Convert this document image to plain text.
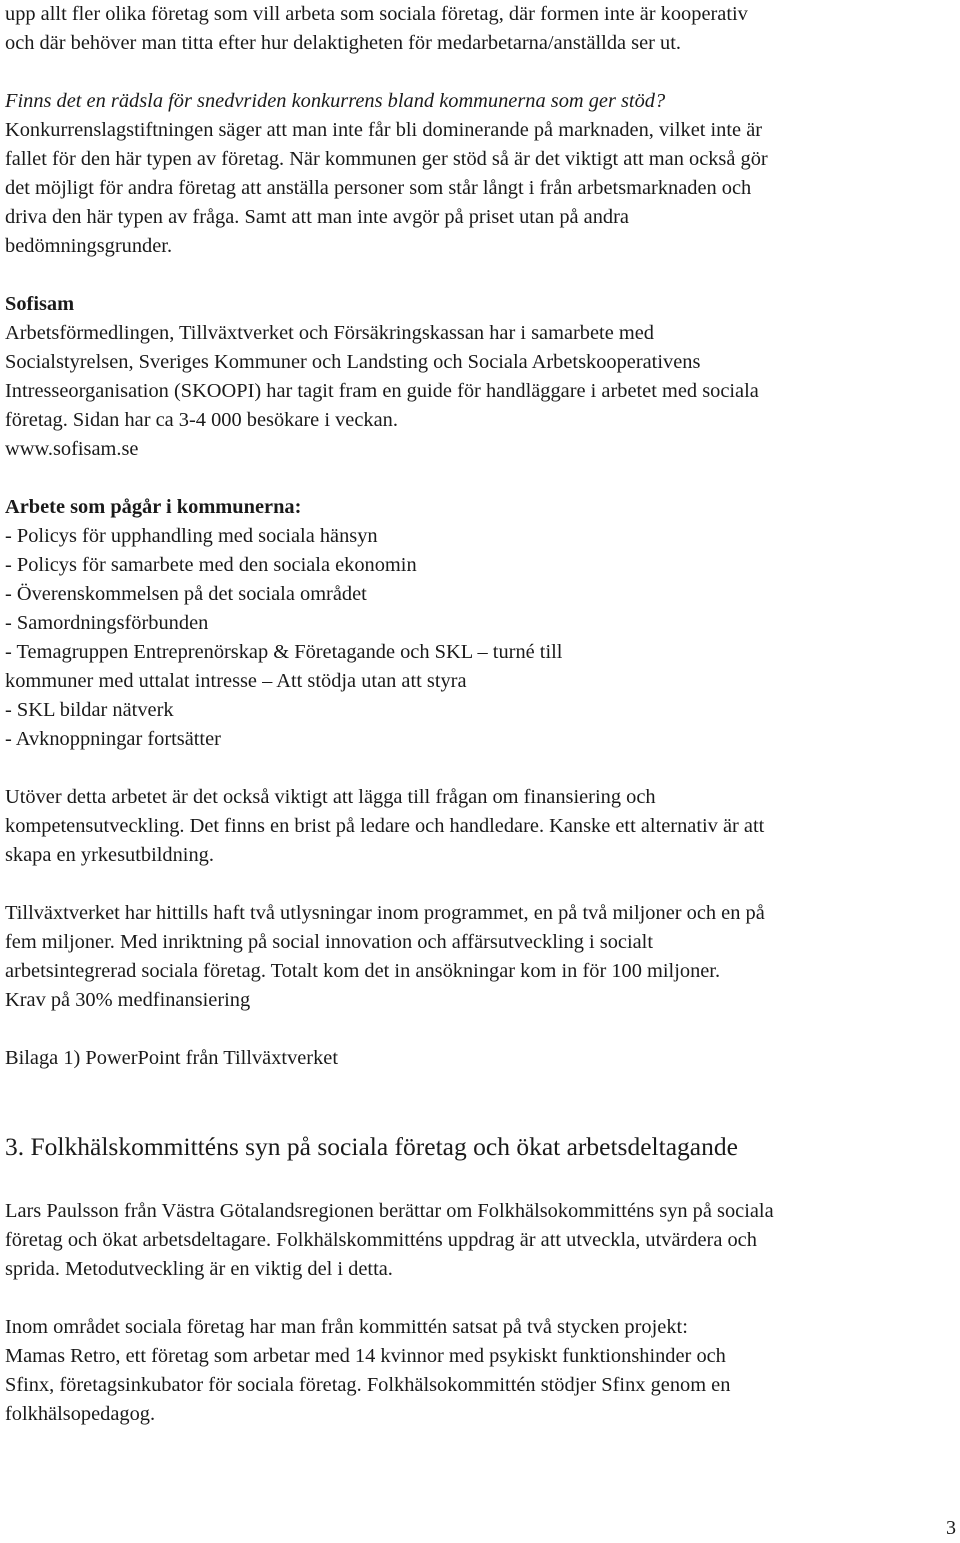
upp allt fler olika företag som vill arbeta som sociala företag, där formen inte är kooperativ
och där behöver man titta efter hur delaktigheten för medarbetarna/anställda ser ut.

Finns det en rädsla för snedvriden konkurrens bland kommunerna som ger stöd?
Konkurrenslagstiftningen säger att man inte får bli dominerande på marknaden, vilket inte är
fallet för den här typen av företag. När kommunen ger stöd så är det viktigt att man också gör
det möjligt för andra företag att anställa personer som står långt i från arbetsmarknaden och
driva den här typen av fråga. Samt att man inte avgör på priset utan på andra
bedömningsgrunder.

Sofisam
Arbetsförmedlingen, Tillväxtverket och Försäkringskassan har i samarbete med
Socialstyrelsen, Sveriges Kommuner och Landsting och Sociala Arbetskooperativens
Intresseorganisation (SKOOPI) har tagit fram en guide för handläggare i arbetet med sociala
företag. Sidan har ca 3-4 000 besökare i veckan.
www.sofisam.se

Arbete som pågår i kommunerna:
- Policys för upphandling med sociala hänsyn
- Policys för samarbete med den sociala ekonomin
- Överenskommelsen på det sociala området
- Samordningsförbunden
- Temagruppen Entreprenörskap & Företagande och SKL – turné till
kommuner med uttalat intresse – Att stödja utan att styra
- SKL bildar nätverk
- Avknoppningar fortsätter

Utöver detta arbetet är det också viktigt att lägga till frågan om finansiering och
kompetensutveckling. Det finns en brist på ledare och handledare. Kanske ett alternativ är att
skapa en yrkesutbildning.

Tillväxtverket har hittills haft två utlysningar inom programmet, en på två miljoner och en på
fem miljoner. Med inriktning på social innovation och affärsutveckling i socialt
arbetsintegrerad sociala företag. Totalt kom det in ansökningar kom in för 100 miljoner.
Krav på 30% medfinansiering

Bilaga 1) PowerPoint från Tillväxtverket

3. Folkhälskommitténs syn på sociala företag och ökat arbetsdeltagande

Lars Paulsson från Västra Götalandsregionen berättar om Folkhälsokommitténs syn på sociala
företag och ökat arbetsdeltagare. Folkhälskommitténs uppdrag är att utveckla, utvärdera och
sprida. Metodutveckling är en viktig del i detta.

Inom området sociala företag har man från kommittén satsat på två stycken projekt:
Mamas Retro, ett företag som arbetar med 14 kvinnor med psykiskt funktionshinder och
Sfinx, företagsinkubator för sociala företag. Folkhälsokommittén stödjer Sfinx genom en
folkhälsopedagog.

3
